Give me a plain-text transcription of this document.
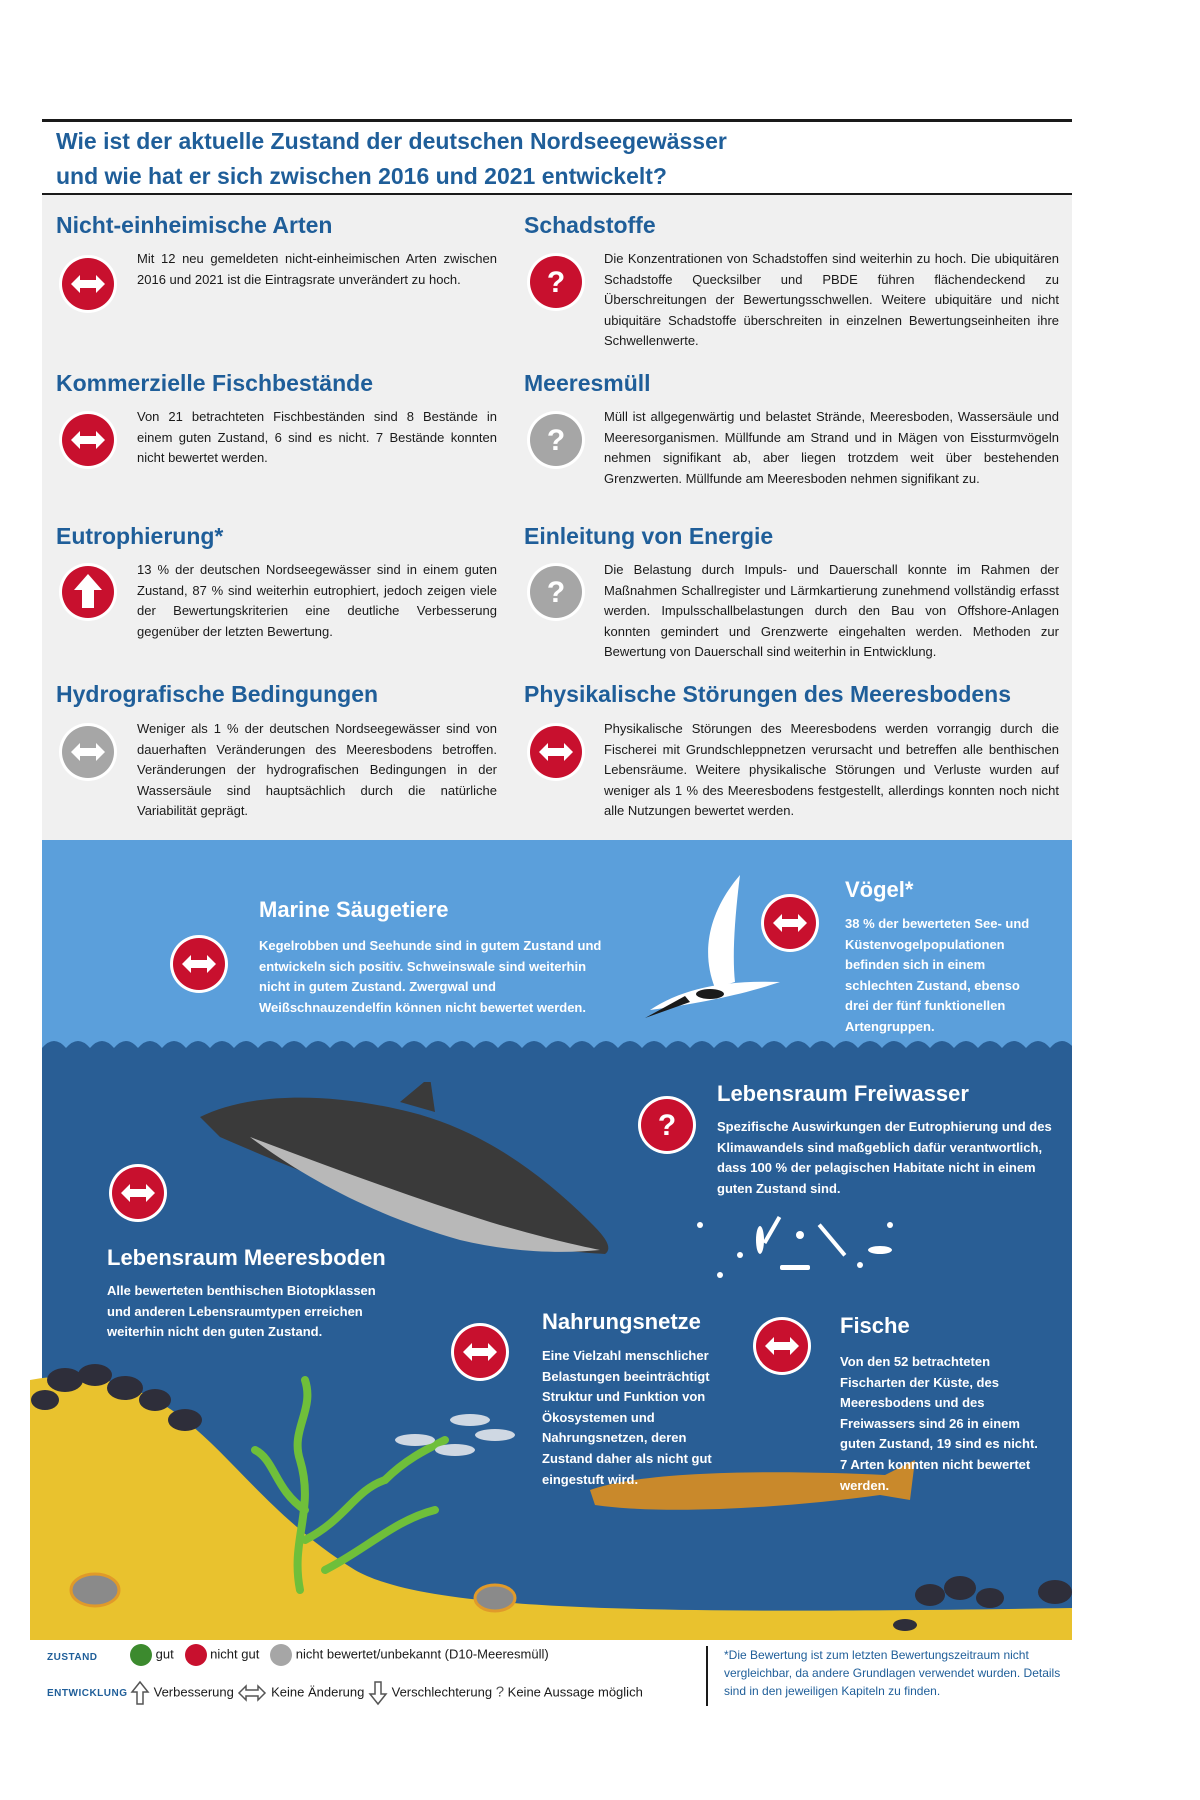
Wie ist der aktuelle Zustand der deutschen Nordseegewässer
und wie hat er sich zwischen 2016 und 2021 entwickelt?
Nicht-einheimische Arten
Mit 12 neu gemeldeten nicht-einheimischen Arten zwischen 2016 und 2021 ist die Eintragsrate unverändert zu hoch.
Schadstoffe
?
Die Konzentrationen von Schadstoffen sind weiterhin zu hoch. Die ubiquitären Schadstoffe Quecksilber und PBDE führen flächendeckend zu Überschreitungen der Bewertungsschwellen. Weitere ubiquitäre und nicht ubiquitäre Schadstoffe überschreiten in einzelnen Bewertungseinheiten ihre Schwellenwerte.
Kommerzielle Fischbestände
Von 21 betrachteten Fischbeständen sind 8 Bestände in einem guten Zustand, 6 sind es nicht. 7 Bestände konnten nicht bewertet werden.
Meeresmüll
?
Müll ist allgegenwärtig und belastet Strände, Meeresboden, Wassersäule und Meeresorganismen. Müllfunde am Strand und in Mägen von Eissturmvögeln nehmen signifikant ab, aber liegen trotzdem weit über bestehenden Grenzwerten. Müllfunde am Meeresboden nehmen signifikant zu.
Eutrophierung*
13 % der deutschen Nordseegewässer sind in einem guten Zustand, 87 % sind weiterhin eutrophiert, jedoch zeigen viele der Bewertungskriterien eine deutliche Verbesserung gegenüber der letzten Bewertung.
Einleitung von Energie
?
Die Belastung durch Impuls- und Dauerschall konnte im Rahmen der Maßnahmen Schallregister und Lärmkartierung zunehmend vollständig erfasst werden. Impulsschallbelastungen durch den Bau von Offshore-Anlagen konnten gemindert und Grenzwerte eingehalten werden. Methoden zur Bewertung von Dauerschall sind weiterhin in Entwicklung.
Hydrografische Bedingungen
Weniger als 1 % der deutschen Nordseegewässer sind von dauerhaften Veränderungen des Meeresbodens betroffen. Veränderungen der hydrografischen Bedingungen in der Wassersäule sind hauptsächlich durch die natürliche Variabilität geprägt.
Physikalische Störungen des Meeresbodens
Physikalische Störungen des Meeresbodens werden vorrangig durch die Fischerei mit Grundschleppnetzen verursacht und betreffen alle benthischen Lebensräume. Weitere physikalische Störungen und Verluste wurden auf weniger als 1 % des Meeresbodens festgestellt, allerdings konnten noch nicht alle Nutzungen bewertet werden.
Marine Säugetiere
Kegelrobben und Seehunde sind in gutem Zustand und entwickeln sich positiv. Schweinswale sind weiterhin nicht in gutem Zustand. Zwergwal und Weißschnauzendelfin können nicht bewertet werden.
Vögel*
38 % der bewerteten See- und Küstenvogelpopulationen befinden sich in einem schlechten Zustand, ebenso drei der fünf funktionellen Artengruppen.
?
Lebensraum Freiwasser
Spezifische Auswirkungen der Eutrophierung und des Klimawandels sind maßgeblich dafür verantwortlich, dass 100 % der pelagischen Habitate nicht in einem guten Zustand sind.
Lebensraum Meeresboden
Alle bewerteten benthischen Biotopklassen und anderen Lebensraumtypen erreichen weiterhin nicht den guten Zustand.	Nahrungsnetze
Eine Vielzahl menschlicher Belastungen beeinträchtigt Struktur und Funktion von Ökosystemen und Nahrungsnetzen, deren Zustand daher als nicht gut eingestuft wird.
Fische
Von den 52 betrachteten Fischarten der Küste, des Meeresbodens und des Freiwassers sind 26 in einem guten Zustand, 19 sind es nicht. 7 Arten konnten nicht bewertet werden.
ZUSTAND	gut	nicht gut	nicht bewertet/unbekannt (D10-Meeresmüll)
ENTWICKLUNG	Verbesserung	Keine Änderung Verschlechterung ? Keine Aussage möglich
*Die Bewertung ist zum letzten Bewertungszeitraum nicht vergleichbar, da andere Grundlagen verwendet wurden. Details sind in den jeweiligen Kapiteln zu finden.
